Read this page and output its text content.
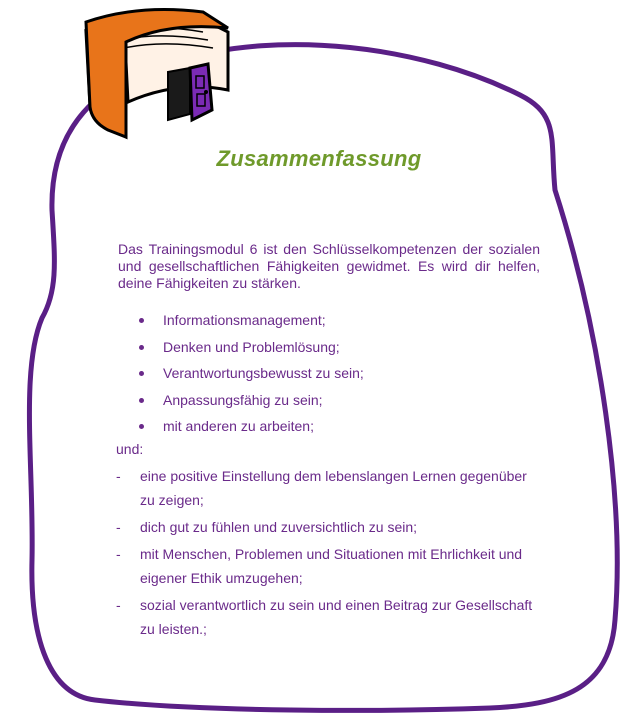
Zusammenfassung

Das Trainingsmodul 6 ist den Schlüsselkompetenzen der sozialen und gesellschaftlichen Fähigkeiten gewidmet. Es wird dir helfen, deine Fähigkeiten zu stärken.

Informationsmanagement;
Denken und Problemlösung;
Verantwortungsbewusst zu sein;
Anpassungsfähig zu sein;
mit anderen zu arbeiten;
und:
- eine positive Einstellung dem lebenslangen Lernen gegenüber zu zeigen;
- dich gut zu fühlen und zuversichtlich zu sein;
- mit Menschen, Problemen und Situationen mit Ehrlichkeit und eigener Ethik umzugehen;
- sozial verantwortlich zu sein und einen Beitrag zur Gesellschaft zu leisten.;
